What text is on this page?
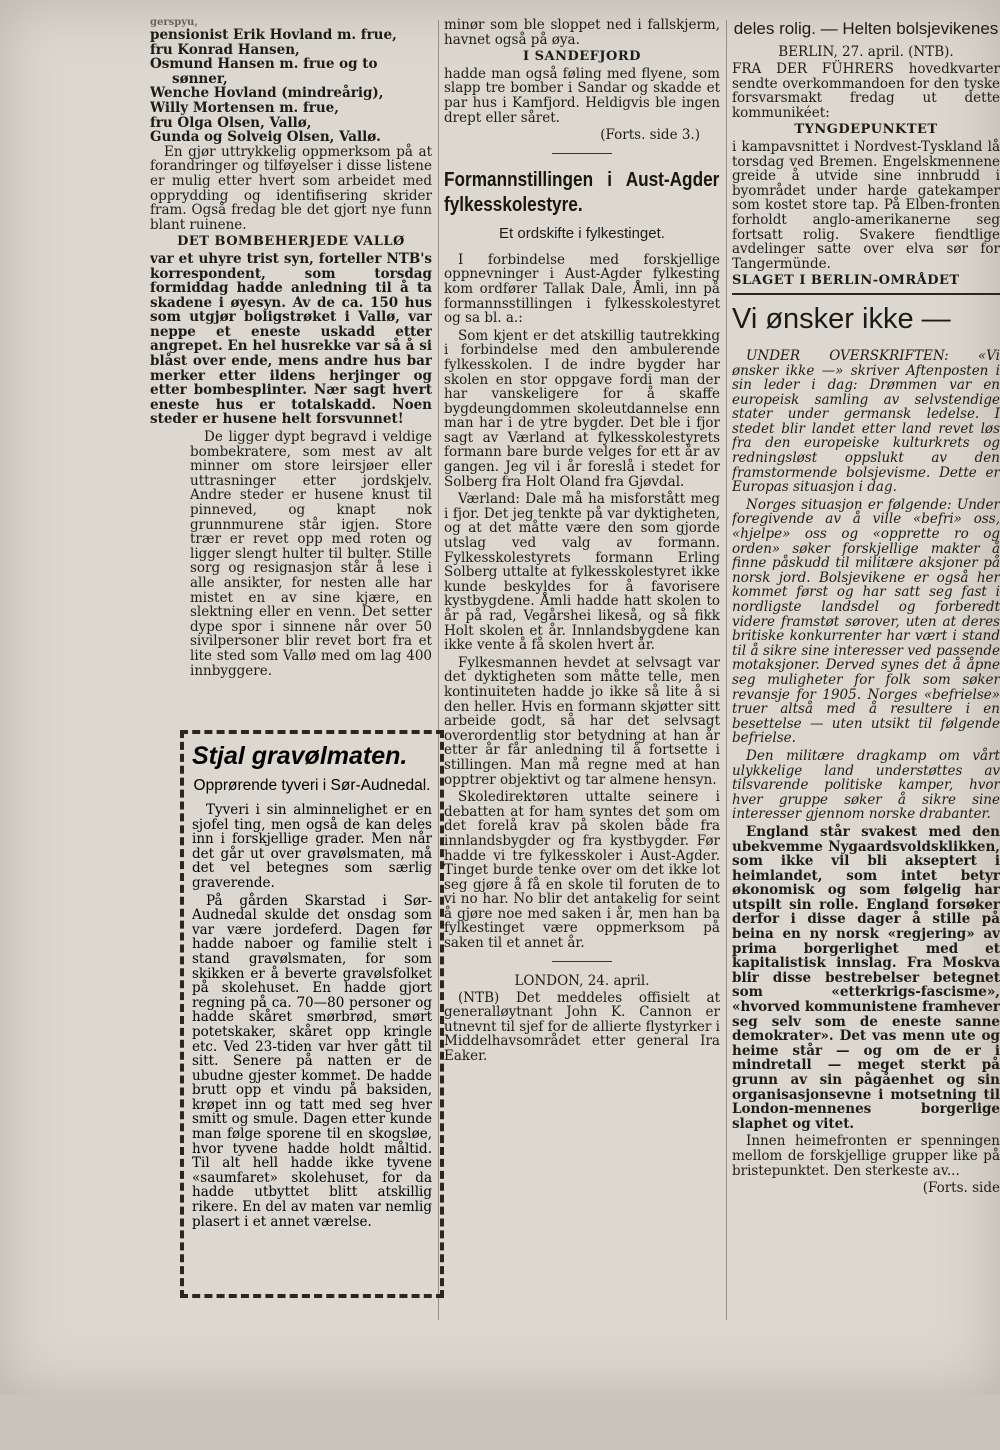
gerspyu,

pensionist Erik Hovland m. frue,

fru Konrad Hansen,

Osmund Hansen m. frue og to

sønner,

Wenche Hovland (mindreårig),

Willy Mortensen m. frue,

fru Olga Olsen, Vallø,

Gunda og Solveig Olsen, Vallø.

En gjør uttrykkelig oppmerksom på at forandringer og tilføyelser i disse listene er mulig etter hvert som arbeidet med opprydding og identifisering skrider fram. Også fredag ble det gjort nye funn blant ruinene.

DET BOMBEHERJEDE VALLØ

var et uhyre trist syn, forteller NTB's korrespondent, som torsdag formiddag hadde anledning til å ta skadene i øyesyn. Av de ca. 150 hus som utgjør boligstrøket i Vallø, var neppe et eneste uskadd etter angrepet. En hel husrekke var så å si blåst over ende, mens andre hus bar merker etter ildens herjinger og etter bombesplinter. Nær sagt hvert eneste hus er totalskadd. Noen steder er husene helt forsvunnet!

De ligger dypt begravd i veldige bombekratere, som mest av alt minner om store leirsjøer eller uttrasninger etter jordskjelv. Andre steder er husene knust til pinneved, og knapt nok grunnmurene står igjen. Store trær er revet opp med roten og ligger slengt hulter til bulter. Stille sorg og resignasjon står å lese i alle ansikter, for nesten alle har mistet en av sine kjære, en slektning eller en venn. Det setter dype spor i sinnene når over 50 sivilpersoner blir revet bort fra et lite sted som Vallø med om lag 400 innbyggere.

Stjal gravølmaten.

Opprørende tyveri i Sør-Audnedal.

Tyveri i sin alminnelighet er en sjofel ting, men også de kan deles inn i forskjellige grader. Men når det går ut over gravølsmaten, må det vel betegnes som særlig graverende.

På gården Skarstad i Sør-Audnedal skulde det onsdag som var være jordeferd. Dagen før hadde naboer og familie stelt i stand gravølsmaten, for som skikken er å beverte gravølsfolket på skolehuset. En hadde gjort regning på ca. 70—80 personer og hadde skåret smørbrød, smørt potetskaker, skåret opp kringle etc. Ved 23-tiden var hver gått til sitt. Senere på natten er de ubudne gjester kommet. De hadde brutt opp et vindu på baksiden, krøpet inn og tatt med seg hver smitt og smule. Dagen etter kunde man følge sporene til en skogsløe, hvor tyvene hadde holdt måltid. Til alt hell hadde ikke tyvene «saumfaret» skolehuset, for da hadde utbyttet blitt atskillig rikere. En del av maten var nemlig plasert i et annet værelse.

minør som ble sloppet ned i fallskjerm, havnet også på øya.

I SANDEFJORD

hadde man også føling med flyene, som slapp tre bomber i Sandar og skadde et par hus i Kamfjord. Heldigvis ble ingen drept eller såret.

(Forts. side 3.)

Formannstillingen i Aust-Agder fylkesskolestyre.

Et ordskifte i fylkestinget.

I forbindelse med forskjellige oppnevninger i Aust-Agder fylkesting kom ordfører Tallak Dale, Åmli, inn på formannsstillingen i fylkesskolestyret og sa bl. a.:

Som kjent er det atskillig tautrekking i forbindelse med den ambulerende fylkesskolen. I de indre bygder har skolen en stor oppgave fordi man der har vanskeligere for å skaffe bygdeungdommen skoleutdannelse enn man har i de ytre bygder. Det ble i fjor sagt av Værland at fylkesskolestyrets formann bare burde velges for ett år av gangen. Jeg vil i år foreslå i stedet for Solberg fra Holt Oland fra Gjøvdal.

Værland: Dale må ha misforstått meg i fjor. Det jeg tenkte på var dyktigheten, og at det måtte være den som gjorde utslag ved valg av formann. Fylkesskolestyrets formann Erling Solberg uttalte at fylkesskolestyret ikke kunde beskyldes for å favorisere kystbygdene. Åmli hadde hatt skolen to år på rad, Vegårshei likeså, og så fikk Holt skolen et år. Innlandsbygdene kan ikke vente å få skolen hvert år.

Fylkesmannen hevdet at selvsagt var det dyktigheten som måtte telle, men kontinuiteten hadde jo ikke så lite å si den heller. Hvis en formann skjøtter sitt arbeide godt, så har det selvsagt overordentlig stor betydning at han år etter år får anledning til å fortsette i stillingen. Man må regne med at han opptrer objektivt og tar almene hensyn.

Skoledirektøren uttalte seinere i debatten at for ham syntes det som om det forelå krav på skolen både fra innlandsbygder og fra kystbygder. Før hadde vi tre fylkesskoler i Aust-Agder. Tinget burde tenke over om det ikke lot seg gjøre å få en skole til foruten de to vi no har. No blir det antakelig for seint å gjøre noe med saken i år, men han ba fylkestinget være oppmerksom på saken til et annet år.

LONDON, 24. april.

(NTB) Det meddeles offisielt at generalløytnant John K. Cannon er utnevnt til sjef for de allierte flystyrker i Middelhavsområdet etter general Ira Eaker.

deles rolig. — Helten bolsjevikenes

BERLIN, 27. april. (NTB).

FRA DER FÜHRERS hovedkvarter sendte overkommandoen for den tyske forsvarsmakt fredag ut dette kommunikéet:

TYNGDEPUNKTET

i kampavsnittet i Nordvest-Tyskland lå torsdag ved Bremen. Engelskmennene greide å utvide sine innbrudd i byområdet under harde gatekamper som kostet store tap. På Elben-fronten forholdt anglo-amerikanerne seg fortsatt rolig. Svakere fiendtlige avdelinger satte over elva sør for Tangermünde.

SLAGET I BERLIN-OMRÅDET

Vi ønsker ikke —

UNDER OVERSKRIFTEN: «Vi ønsker ikke —» skriver Aftenposten i sin leder i dag: Drømmen var en europeisk samling av selvstendige stater under germansk ledelse. I stedet blir landet etter land revet løs fra den europeiske kulturkrets og redningsløst oppslukt av den framstormende bolsjevisme. Dette er Europas situasjon i dag.

Norges situasjon er følgende: Under foregivende av å ville «befri» oss, «hjelpe» oss og «opprette ro og orden» søker forskjellige makter å finne påskudd til militære aksjoner på norsk jord. Bolsjevikene er også her kommet først og har satt seg fast i nordligste landsdel og forberedt videre framstøt sørover, uten at deres britiske konkurrenter har vært i stand til å sikre sine interesser ved passende motaksjoner. Derved synes det å åpne seg muligheter for folk som søker revansje for 1905. Norges «befrielse» truer altså med å resultere i en besettelse — uten utsikt til følgende befrielse.

Den militære dragkamp om vårt ulykkelige land understøttes av tilsvarende politiske kamper, hvor hver gruppe søker å sikre sine interesser gjennom norske drabanter.

England står svakest med den ubekvemme Nygaardsvoldsklikken, som ikke vil bli akseptert i heimlandet, som intet betyr økonomisk og som følgelig har utspilt sin rolle. England forsøker derfor i disse dager å stille på beina en ny norsk «regjering» av prima borgerlighet med et kapitalistisk innslag. Fra Moskva blir disse bestrebelser betegnet som «etterkrigs-fascisme», «hvorved kommunistene framhever seg selv som de eneste sanne demokrater». Det vas menn ute og heime står — og om de er i mindretall — meget sterkt på grunn av sin pågåenhet og sin organisasjonsevne i motsetning til London-mennenes borgerlige slaphet og vitet.

Innen heimefronten er spenningen mellom de forskjellige grupper like på bristepunktet. Den sterkeste av...

(Forts. side
